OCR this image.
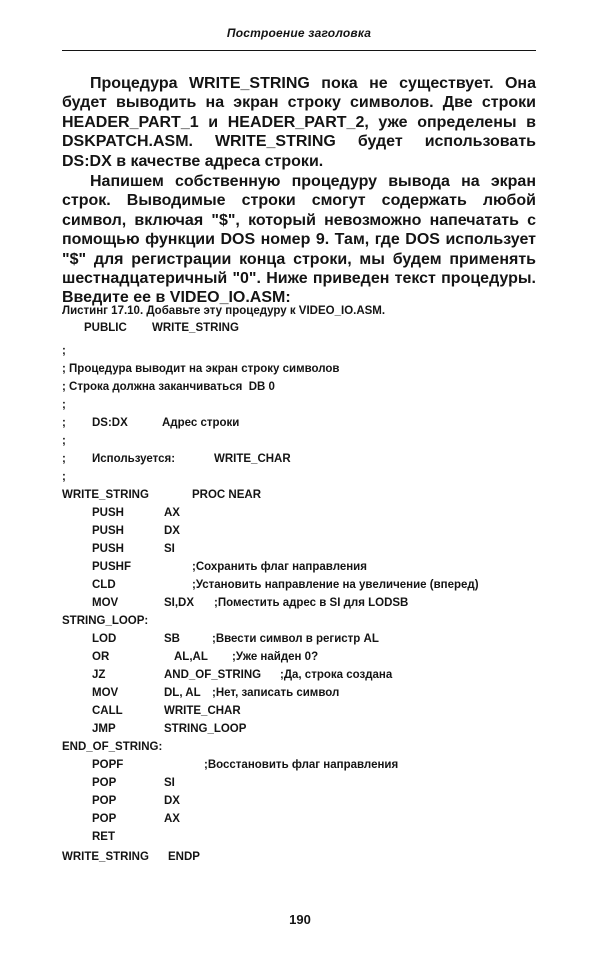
Построение заголовка

Процедура WRITE_STRING пока не существует. Она будет выводить на экран строку символов. Две строки HEADER_PART_1 и HEADER_PART_2, уже определены в DSKPATCH.ASM. WRITE_STRING будет использовать DS:DX в качестве адреса строки.

Напишем собственную процедуру вывода на экран строк. Выводимые строки смогут содержать любой символ, включая "$", который невозможно напечатать с помощью функции DOS номер 9. Там, где DOS использует "$" для регистрации конца строки, мы будем применять шестнадцатеричный "0". Ниже приведен текст процедуры. Введите ее в VIDEO_IO.ASM:

Листинг 17.10. Добавьте эту процедуру к VIDEO_IO.ASM.

PUBLIC WRITE_STRING
;
; Процедура выводит на экран строку символов
; Строка должна заканчиваться  DB 0
;
; DS:DX	Адрес строки
;
; Используется:	WRITE_CHAR
;
WRITE_STRING	PROC NEAR
PUSH	AX
PUSH	DX
PUSH	SI
PUSHF	;Сохранить флаг направления
CLD	;Установить направление на увеличение (вперед)
MOV	SI,DX ;Поместить адрес в SI для LODSB
STRING_LOOP:
LOD	SB	;Ввести символ в регистр AL
OR	AL,AL ;Уже найден 0?
JZ	AND_OF_STRING ;Да, строка создана
MOV	DL, AL ;Нет, записать символ
CALL	WRITE_CHAR
JMP	STRING_LOOP
END_OF_STRING:
POPF	;Восстановить флаг направления
POP	SI
POP	DX
POP	AX
RET
WRITE_STRING ENDP
190
